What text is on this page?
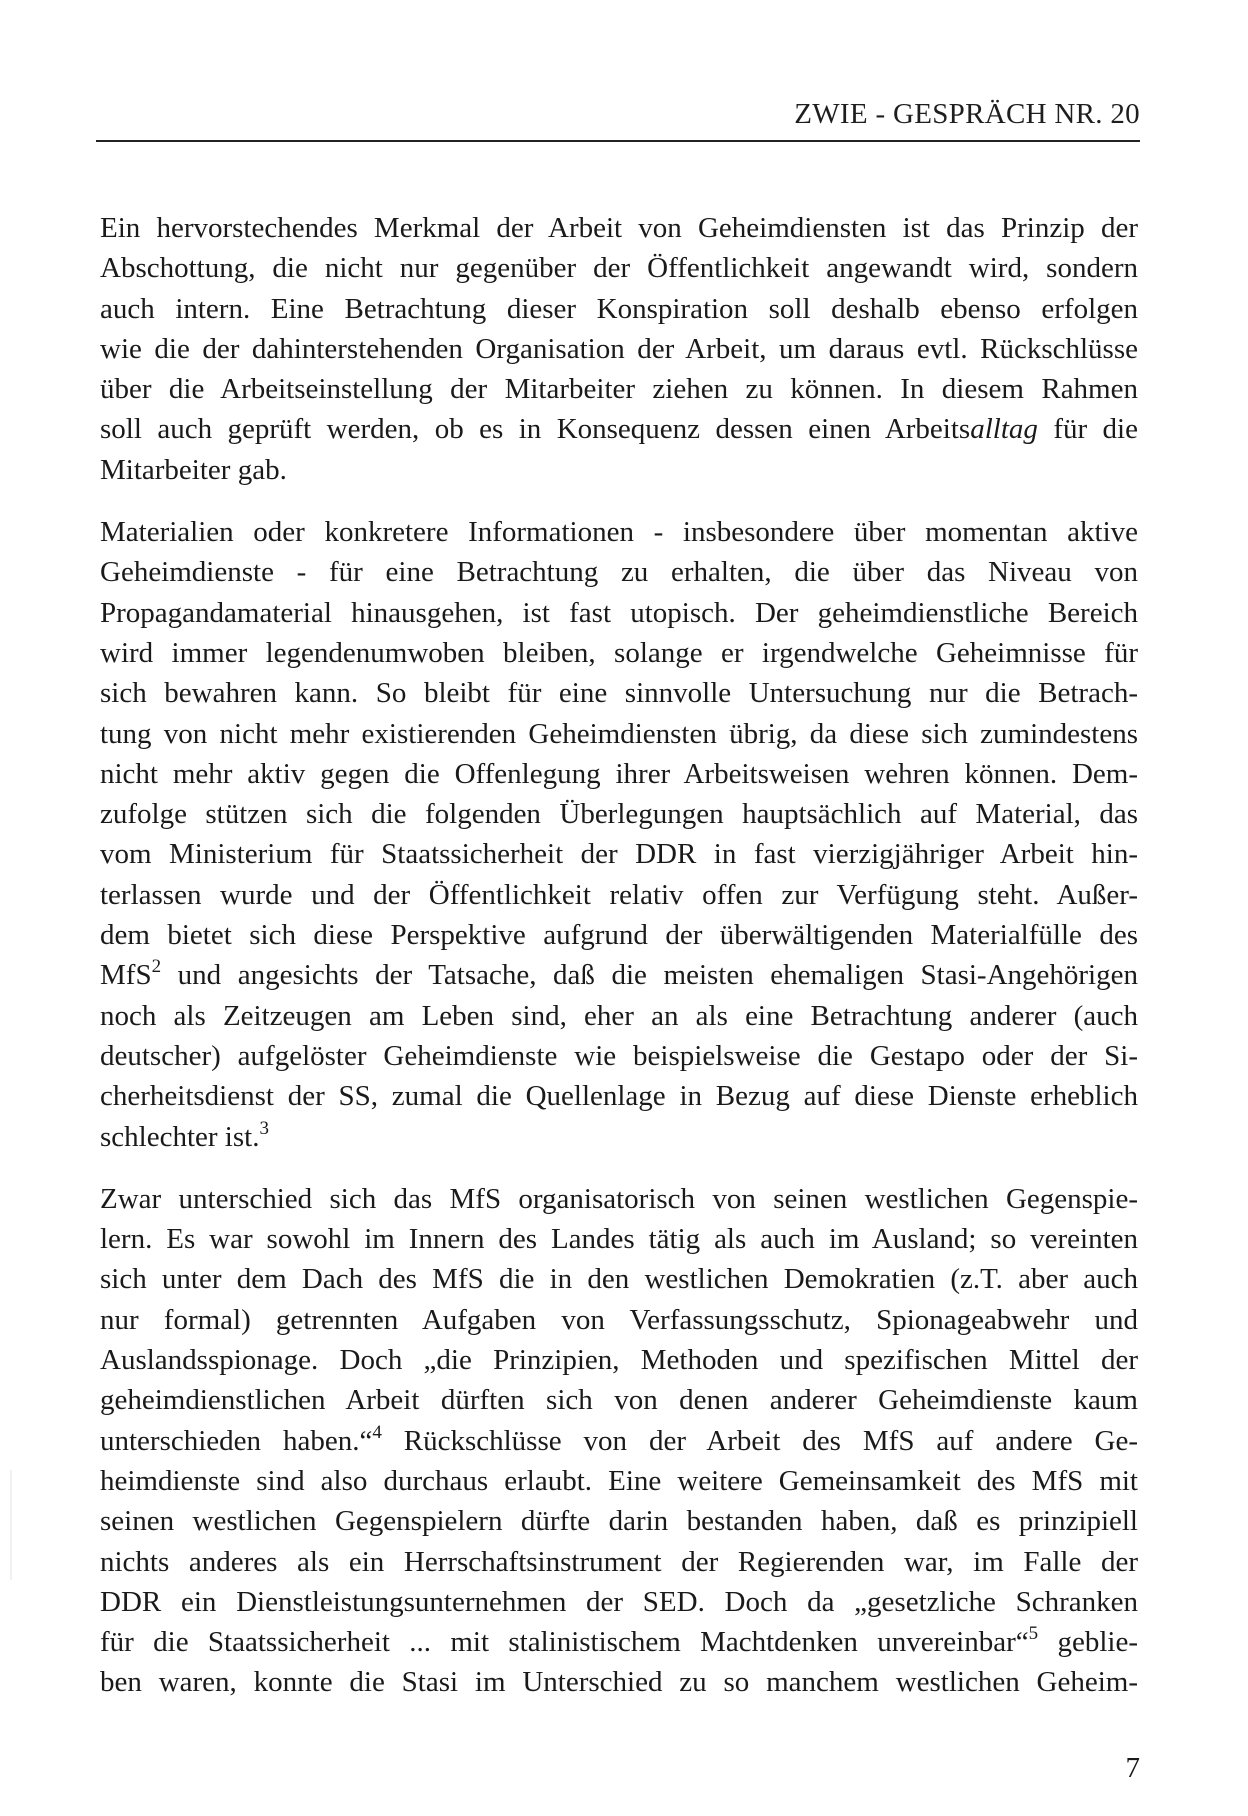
ZWIE - GESPRÄCH NR. 20

Ein hervorstechendes Merkmal der Arbeit von Geheimdiensten ist das Prinzip der
Abschottung, die nicht nur gegenüber der Öffentlichkeit angewandt wird, sondern
auch intern. Eine Betrachtung dieser Konspiration soll deshalb ebenso erfolgen
wie die der dahinterstehenden Organisation der Arbeit, um daraus evtl. Rückschlüsse
über die Arbeitseinstellung der Mitarbeiter ziehen zu können. In diesem Rahmen
soll auch geprüft werden, ob es in Konsequenz dessen einen Arbeitsalltag für die
Mitarbeiter gab.

Materialien oder konkretere Informationen - insbesondere über momentan aktive
Geheimdienste - für eine Betrachtung zu erhalten, die über das Niveau von
Propagandamaterial hinausgehen, ist fast utopisch. Der geheimdienstliche Bereich
wird immer legendenumwoben bleiben, solange er irgendwelche Geheimnisse für
sich bewahren kann. So bleibt für eine sinnvolle Untersuchung nur die Betrach-
tung von nicht mehr existierenden Geheimdiensten übrig, da diese sich zumindestens
nicht mehr aktiv gegen die Offenlegung ihrer Arbeitsweisen wehren können. Dem-
zufolge stützen sich die folgenden Überlegungen hauptsächlich auf Material, das
vom Ministerium für Staatssicherheit der DDR in fast vierzigjähriger Arbeit hin-
terlassen wurde und der Öffentlichkeit relativ offen zur Verfügung steht. Außer-
dem bietet sich diese Perspektive aufgrund der überwältigenden Materialfülle des
MfS$^2$ und angesichts der Tatsache, daß die meisten ehemaligen Stasi-Angehörigen
noch als Zeitzeugen am Leben sind, eher an als eine Betrachtung anderer (auch
deutscher) aufgelöster Geheimdienste wie beispielsweise die Gestapo oder der Si-
cherheitsdienst der SS, zumal die Quellenlage in Bezug auf diese Dienste erheblich
schlechter ist.$^3$

Zwar unterschied sich das MfS organisatorisch von seinen westlichen Gegenspie-
lern. Es war sowohl im Innern des Landes tätig als auch im Ausland; so vereinten
sich unter dem Dach des MfS die in den westlichen Demokratien (z.T. aber auch
nur formal) getrennten Aufgaben von Verfassungsschutz, Spionageabwehr und
Auslandsspionage. Doch „die Prinzipien, Methoden und spezifischen Mittel der
geheimdienstlichen Arbeit dürften sich von denen anderer Geheimdienste kaum
unterschieden haben.“$^4$ Rückschlüsse von der Arbeit des MfS auf andere Ge-
heimdienste sind also durchaus erlaubt. Eine weitere Gemeinsamkeit des MfS mit
seinen westlichen Gegenspielern dürfte darin bestanden haben, daß es prinzipiell
nichts anderes als ein Herrschaftsinstrument der Regierenden war, im Falle der
DDR ein Dienstleistungsunternehmen der SED. Doch da „gesetzliche Schranken
für die Staatssicherheit ... mit stalinistischem Machtdenken unvereinbar“$^5$ geblie-
ben waren, konnte die Stasi im Unterschied zu so manchem westlichen Geheim-

7
